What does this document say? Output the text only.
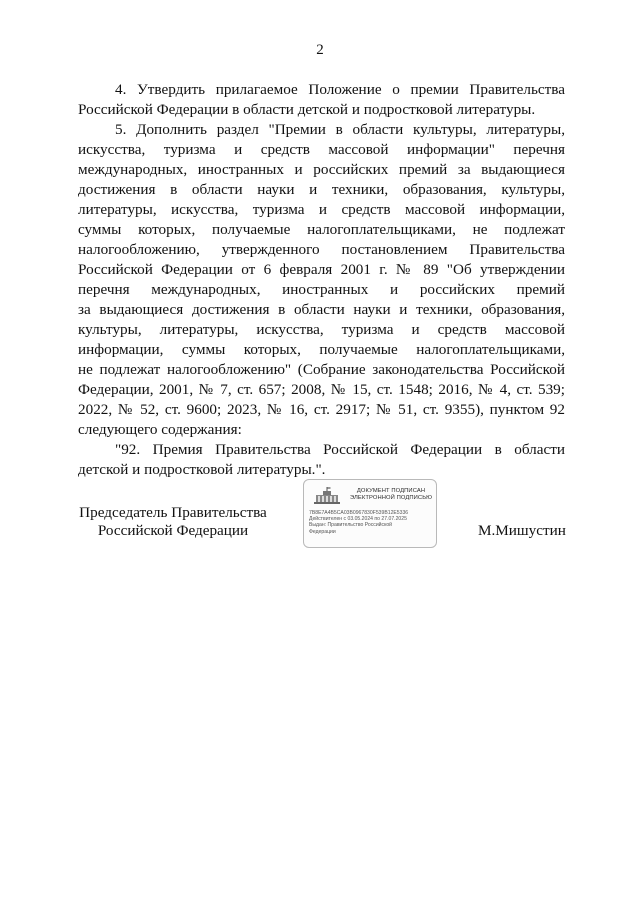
2
4. Утвердить прилагаемое Положение о премии Правительства
Российской Федерации в области детской и подростковой литературы.
5. Дополнить раздел "Премии в области культуры, литературы,
искусства, туризма и средств массовой информации" перечня
международных, иностранных и российских премий за выдающиеся
достижения в области науки и техники, образования, культуры,
литературы, искусства, туризма и средств массовой информации,
суммы которых, получаемые налогоплательщиками, не подлежат
налогообложению, утвержденного постановлением Правительства
Российской Федерации от 6 февраля 2001 г. № 89 "Об утверждении
перечня международных, иностранных и российских премий
за выдающиеся достижения в области науки и техники, образования,
культуры, литературы, искусства, туризма и средств массовой
информации, суммы которых, получаемые налогоплательщиками,
не подлежат налогообложению" (Собрание законодательства Российской
Федерации, 2001, № 7, ст. 657; 2008, № 15, ст. 1548; 2016, № 4, ст. 539;
2022, № 52, ст. 9600; 2023, № 16, ст. 2917; № 51, ст. 9355), пунктом 92
следующего содержания:
"92. Премия Правительства Российской Федерации в области
детской и подростковой литературы.".
Председатель Правительства
Российской Федерации
ДОКУМЕНТ ПОДПИСАН
ЭЛЕКТРОННОЙ ПОДПИСЬЮ
7B8E7A4B5CA03B0967830F539B12E5336
Действителен с 03.05.2024 по 27.07.2025
Выдан: Правительство Российской
Федерации	М.Мишустин
